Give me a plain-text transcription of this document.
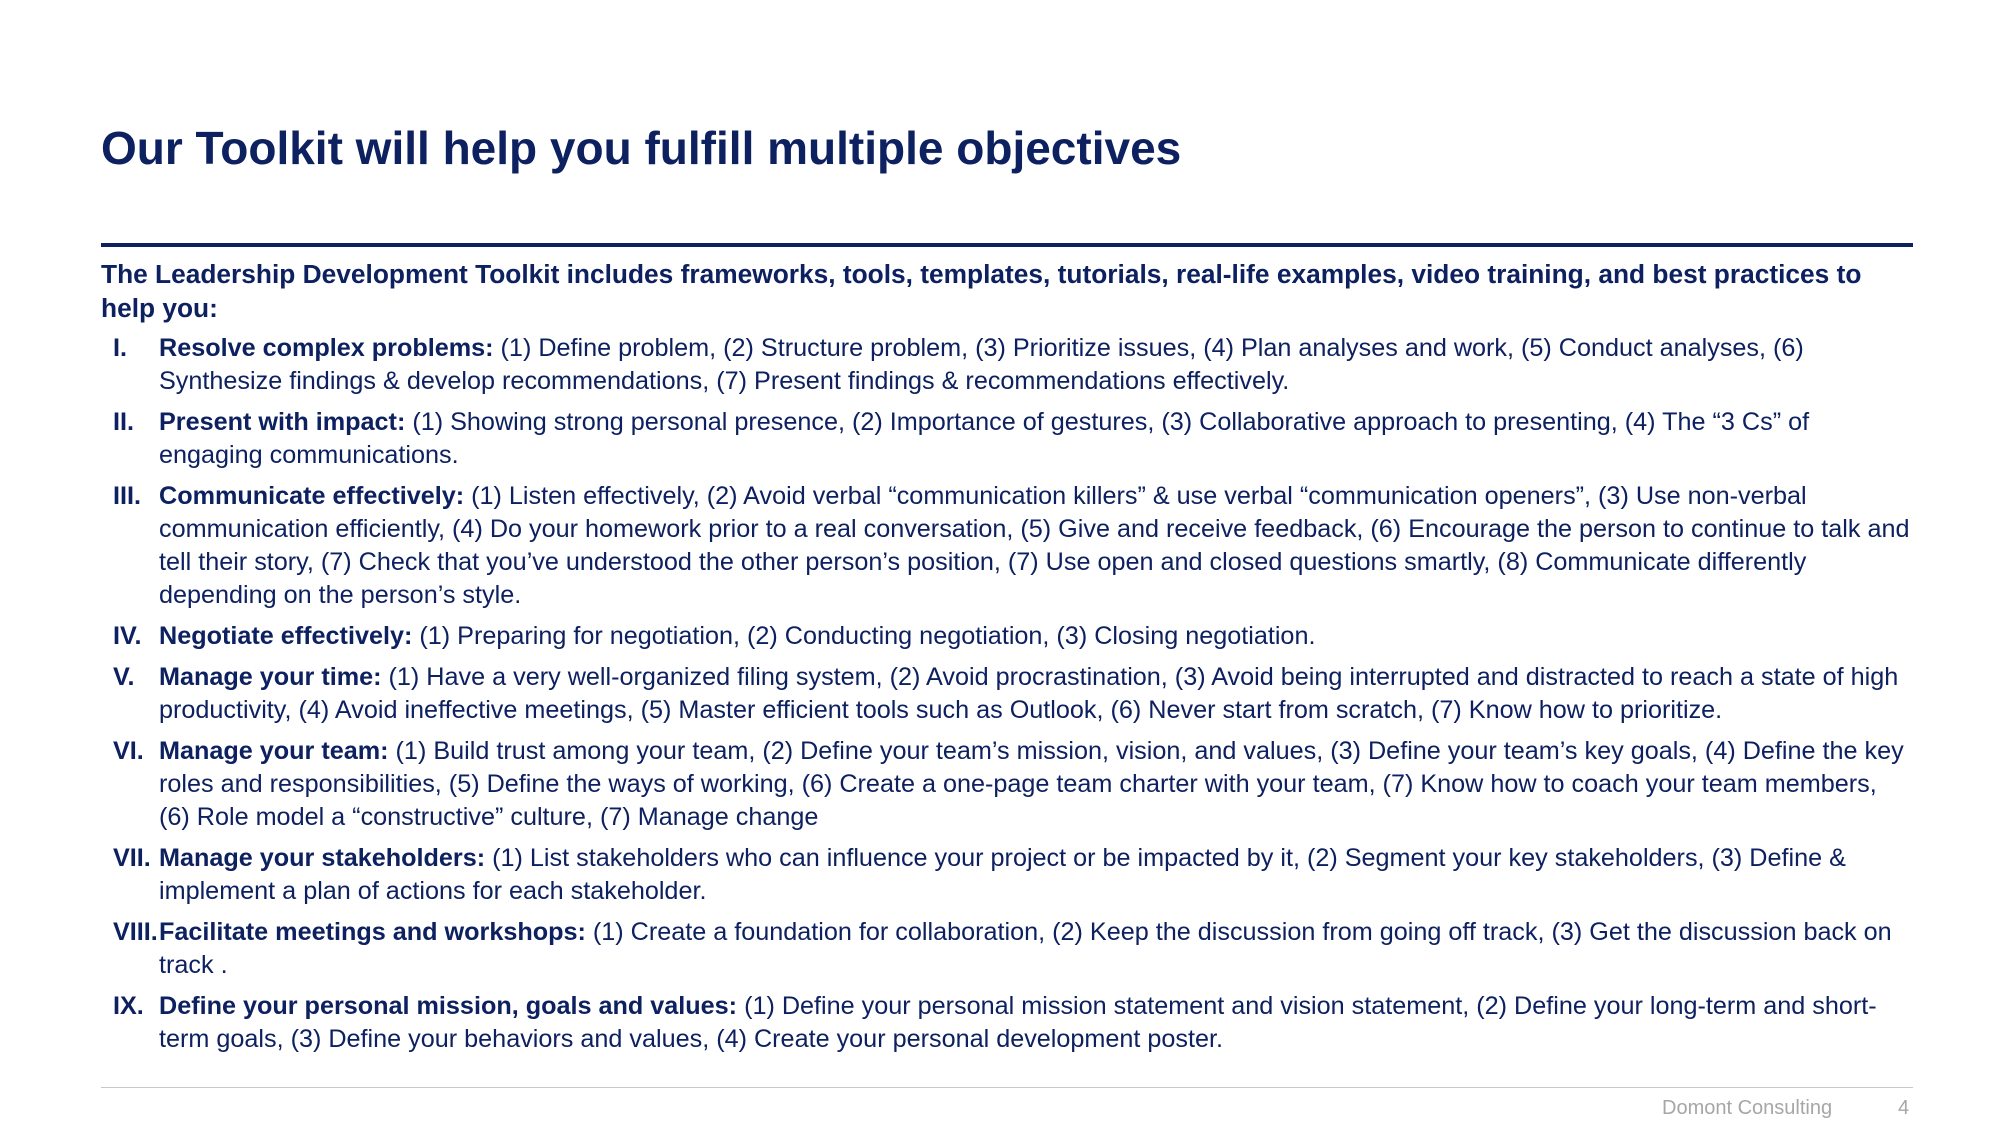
Our Toolkit will help you fulfill multiple objectives

The Leadership Development Toolkit includes frameworks, tools, templates, tutorials, real-life examples, video training, and best practices to help you:

I.	Resolve complex problems: (1) Define problem, (2) Structure problem, (3) Prioritize issues, (4) Plan analyses and work, (5) Conduct analyses, (6) Synthesize findings & develop recommendations, (7) Present findings & recommendations effectively.
II. Present with impact: (1) Showing strong personal presence, (2) Importance of gestures, (3) Collaborative approach to presenting, (4) The “3 Cs” of engaging communications.
III. Communicate effectively: (1) Listen effectively, (2) Avoid verbal “communication killers” & use verbal “communication openers”, (3) Use non-verbal communication efficiently, (4) Do your homework prior to a real conversation, (5) Give and receive feedback, (6) Encourage the person to continue to talk and tell their story, (7) Check that you’ve understood the other person’s position, (7) Use open and closed questions smartly, (8) Communicate differently depending on the person’s style.
IV. Negotiate effectively: (1) Preparing for negotiation, (2) Conducting negotiation, (3) Closing negotiation.
V. Manage your time: (1) Have a very well-organized filing system, (2) Avoid procrastination, (3) Avoid being interrupted and distracted to reach a state of high productivity, (4) Avoid ineffective meetings, (5) Master efficient tools such as Outlook, (6) Never start from scratch, (7) Know how to prioritize.
VI. Manage your team: (1) Build trust among your team, (2) Define your team’s mission, vision, and values, (3) Define your team’s key goals, (4) Define the key roles and responsibilities, (5) Define the ways of working, (6) Create a one-page team charter with your team, (7) Know how to coach your team members, (6) Role model a “constructive” culture, (7) Manage change
VII. Manage your stakeholders: (1) List stakeholders who can influence your project or be impacted by it, (2) Segment your key stakeholders, (3) Define & implement a plan of actions for each stakeholder.
VIII. Facilitate meetings and workshops: (1) Create a foundation for collaboration, (2) Keep the discussion from going off track, (3) Get the discussion back on track .
IX. Define your personal mission, goals and values: (1) Define your personal mission statement and vision statement, (2) Define your long-term and short-term goals, (3) Define your behaviors and values, (4) Create your personal development poster.
Domont Consulting	4
